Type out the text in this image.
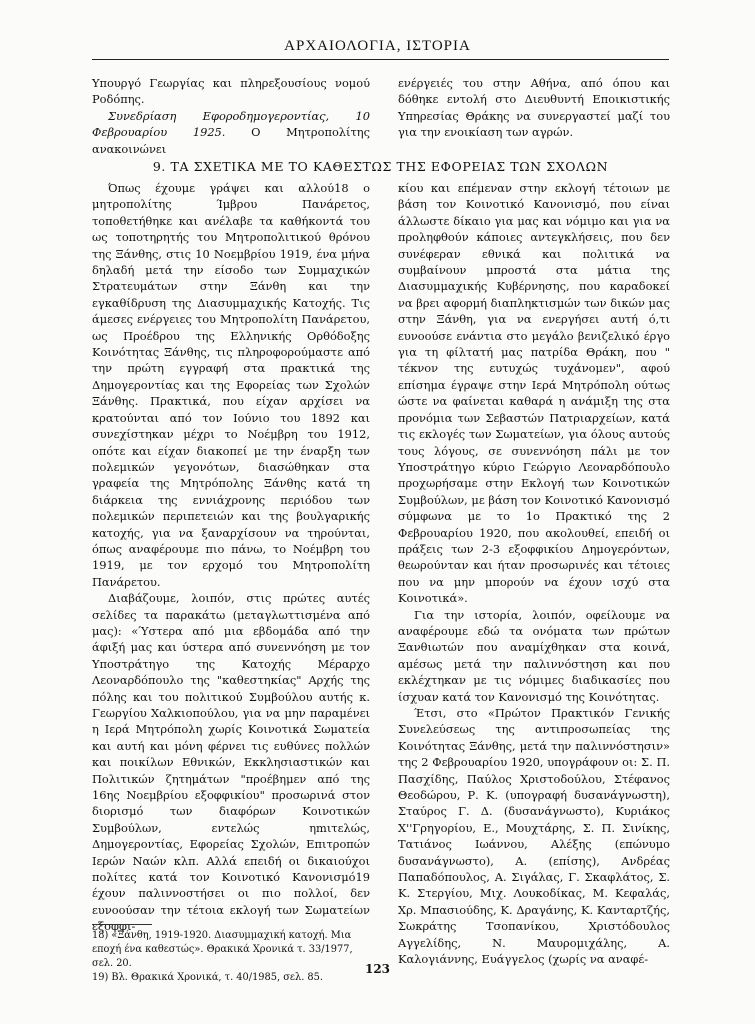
ΑΡΧΑΙΟΛΟΓΙΑ, ΙΣΤΟΡΙΑ

Υπουργό Γεωργίας και πληρεξουσίους νομού Ροδόπης.

Συνεδρίαση Εφοροδημογεροντίας, 10 Φεβρουαρίου 1925. Ο Μητροπολίτης ανακοινώνει

ενέργειές του στην Αθήνα, από όπου και δόθηκε εντολή στο Διευθυντή Εποικιστικής Υπηρεσίας Θράκης να συνεργαστεί μαζί του για την ενοικίαση των αγρών.

9. ΤΑ ΣΧΕΤΙΚΑ ΜΕ ΤΟ ΚΑΘΕΣΤΩΣ ΤΗΣ ΕΦΟΡΕΙΑΣ ΤΩΝ ΣΧΟΛΩΝ

Όπως έχουμε γράψει και αλλού18 ο μητροπολίτης Ίμβρου Πανάρετος, τοποθετήθηκε και ανέλαβε τα καθήκοντά του ως τοποτηρητής του Μητροπολιτικού θρόνου της Ξάνθης, στις 10 Νοεμβρίου 1919, ένα μήνα δηλαδή μετά την είσοδο των Συμμαχικών Στρατευμάτων στην Ξάνθη και την εγκαθίδρυση της Διασυμμαχικής Κατοχής. Τις άμεσες ενέργειες του Μητροπολίτη Πανάρετου, ως Προέδρου της Ελληνικής Ορθόδοξης Κοινότητας Ξάνθης, τις πληροφορούμαστε από την πρώτη εγγραφή στα πρακτικά της Δημογεροντίας και της Εφορείας των Σχολών Ξάνθης. Πρακτικά, που είχαν αρχίσει να κρατούνται από τον Ιούνιο του 1892 και συνεχίστηκαν μέχρι το Νοέμβρη του 1912, οπότε και είχαν διακοπεί με την έναρξη των πολεμικών γεγονότων, διασώθηκαν στα γραφεία της Μητρόπολης Ξάνθης κατά τη διάρκεια της εννιάχρονης περιόδου των πολεμικών περιπετειών και της βουλγαρικής κατοχής, για να ξαναρχίσουν να τηρούνται, όπως αναφέρουμε πιο πάνω, το Νοέμβρη του 1919, με τον ερχομό του Μητροπολίτη Πανάρετου.

Διαβάζουμε, λοιπόν, στις πρώτες αυτές σελίδες τα παρακάτω (μεταγλωττισμένα από μας): «Ύστερα από μια εβδομάδα από την άφιξή μας και ύστερα από συνεννόηση με τον Υποστράτηγο της Κατοχής Μέραρχο Λεοναρδόπουλο της "καθεστηκίας" Αρχής της πόλης και του πολιτικού Συμβούλου αυτής κ. Γεωργίου Χαλκιοπούλου, για να μην παραμένει η Ιερά Μητρόπολη χωρίς Κοινοτικά Σωματεία και αυτή και μόνη φέρνει τις ευθύνες πολλών και ποικίλων Εθνικών, Εκκλησιαστικών και Πολιτικών ζητημάτων "προέβημεν από της 16ης Νοεμβρίου εξοφφικίου" προσωρινά στον διορισμό των διαφόρων Κοινοτικών Συμβούλων, εντελώς ηmιτελώς, Δημογεροντίας, Εφορείας Σχολών, Επιτροπών Ιερών Ναών κλπ. Αλλά επειδή οι δικαιούχοι πολίτες κατά τον Κοινοτικό Κανονισμό19 έχουν παλιννοστήσει οι πιο πολλοί, δεν ευνοούσαν την τέτοια εκλογή των Σωματείων εξοφφι-

κίου και επέμεναν στην εκλογή τέτοιων με βάση τον Κοινοτικό Κανονισμό, που είναι άλλωστε δίκαιο για μας και νόμιμο και για να προληφθούν κάποιες αντεγκλήσεις, που δεν συνέφεραν εθνικά και πολιτικά να συμβαίνουν μπροστά στα μάτια της Διασυμμαχικής Κυβέρνησης, που καραδοκεί να βρει αφορμή διαπληκτισμών των δικών μας στην Ξάνθη, για να ενεργήσει αυτή ό,τι ευνοούσε ενάντια στο μεγάλο βενιζελικό έργο για τη φίλτατή μας πατρίδα Θράκη, που " τέκνον της ευτυχώς τυχάνομεν", αφού επίσημα έγραψε στην Ιερά Μητρόπολη ούτως ώστε να φαίνεται καθαρά η ανάμιξη της στα προνόμια των Σεβαστών Πατριαρχείων, κατά τις εκλογές των Σωματείων, για όλους αυτούς τους λόγους, σε συνεννόηση πάλι με τον Υποστράτηγο κύριο Γεώργιο Λεοναρδόπουλο προχωρήσαμε στην Εκλογή των Κοινοτικών Συμβούλων, με βάση τον Κοινοτικό Κανονισμό σύμφωνα με το 1ο Πρακτικό της 2 Φεβρουαρίου 1920, που ακολουθεί, επειδή οι πράξεις των 2-3 εξοφφικίου Δημογερόντων, θεωρούνταν και ήταν προσωρινές και τέτοιες που να μην μπορούν να έχουν ισχύ στα Κοινοτικά».

Για την ιστορία, λοιπόν, οφείλουμε να αναφέρουμε εδώ τα ονόματα των πρώτων Ξανθιωτών που αναμίχθηκαν στα κοινά, αμέσως μετά την παλιννόστηση και που εκλέχτηκαν με τις νόμιμες διαδικασίες που ίσχυαν κατά τον Κανονισμό της Κοινότητας.

Έτσι, στο «Πρώτον Πρακτικόν Γενικής Συνελεύσεως της αντιπροσωπείας της Κοινότητας Ξάνθης, μετά την παλιννόστησιν» της 2 Φεβρουαρίου 1920, υπογράφουν οι: Σ. Π. Πασχίδης, Παύλος Χριστοδούλου, Στέφανος Θεοδώρου, Ρ. Κ. (υπογραφή δυσανάγνωστη), Σταύρος Γ. Δ. (δυσανάγνωστο), Κυριάκος Χ''Γρηγορίου, Ε., Μουχτάρης, Σ. Π. Σινίκης, Τατιάνος Ιωάννου, Αλέξης (επώνυμο δυσανάγνωστο), Α. (επίσης), Ανδρέας Παπαδόπουλος, Α. Σιγάλας, Γ. Σκαφλάτος, Σ. Κ. Στεργίου, Μιχ. Λουκοδίκας, Μ. Κεφαλάς, Χρ. Μπασιούδης, Κ. Δραγάνης, Κ. Κανταρτζής, Σωκράτης Τσοπανίκου, Χριστόδουλος Αγγελίδης, Ν. Μαυρομιχάλης, Α. Καλογιάννης, Ευάγγελος (χωρίς να αναφέ-

18) «Ξάνθη, 1919-1920. Διασυμμαχική κατοχή. Μια εποχή ένα καθεστώς». Θρακικά Χρονικά τ. 33/1977, σελ. 20.
19) Βλ. Θρακικά Χρονικά, τ. 40/1985, σελ. 85.
123
